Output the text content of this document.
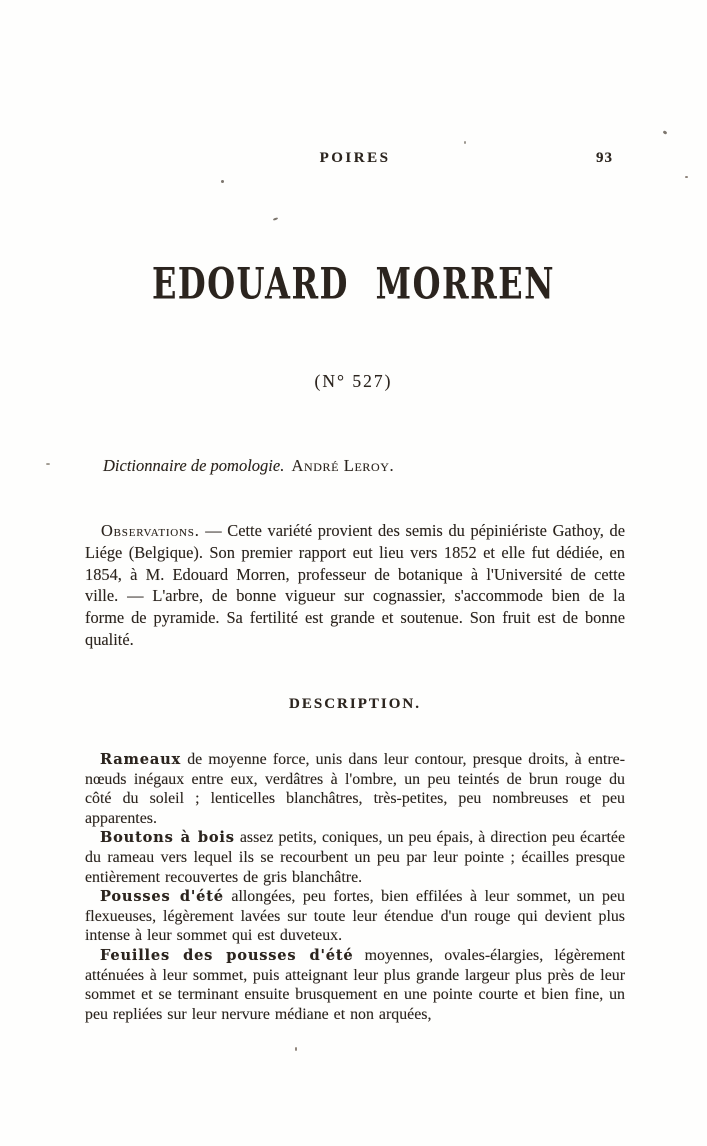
POIRES	93
EDOUARD MORREN
(N° 527)
Dictionnaire de pomologie. André Leroy.

Observations. — Cette variété provient des semis du pépiniériste Gathoy, de Liége (Belgique). Son premier rapport eut lieu vers 1852 et elle fut dédiée, en 1854, à M. Edouard Morren, professeur de botanique à l'Université de cette ville. — L'arbre, de bonne vigueur sur cognassier, s'accommode bien de la forme de pyramide. Sa fertilité est grande et soutenue. Son fruit est de bonne qualité.

DESCRIPTION.

Rameaux de moyenne force, unis dans leur contour, presque droits, à entre-nœuds inégaux entre eux, verdâtres à l'ombre, un peu teintés de brun rouge du côté du soleil ; lenticelles blanchâtres, très-petites, peu nombreuses et peu apparentes.

Boutons à bois assez petits, coniques, un peu épais, à direction peu écartée du rameau vers lequel ils se recourbent un peu par leur pointe ; écailles presque entièrement recouvertes de gris blanchâtre.

Pousses d'été allongées, peu fortes, bien effilées à leur sommet, un peu flexueuses, légèrement lavées sur toute leur étendue d'un rouge qui devient plus intense à leur sommet qui est duveteux.

Feuilles des pousses d'été moyennes, ovales-élargies, légèrement atténuées à leur sommet, puis atteignant leur plus grande largeur plus près de leur sommet et se terminant ensuite brusquement en une pointe courte et bien fine, un peu repliées sur leur nervure médiane et non arquées,
